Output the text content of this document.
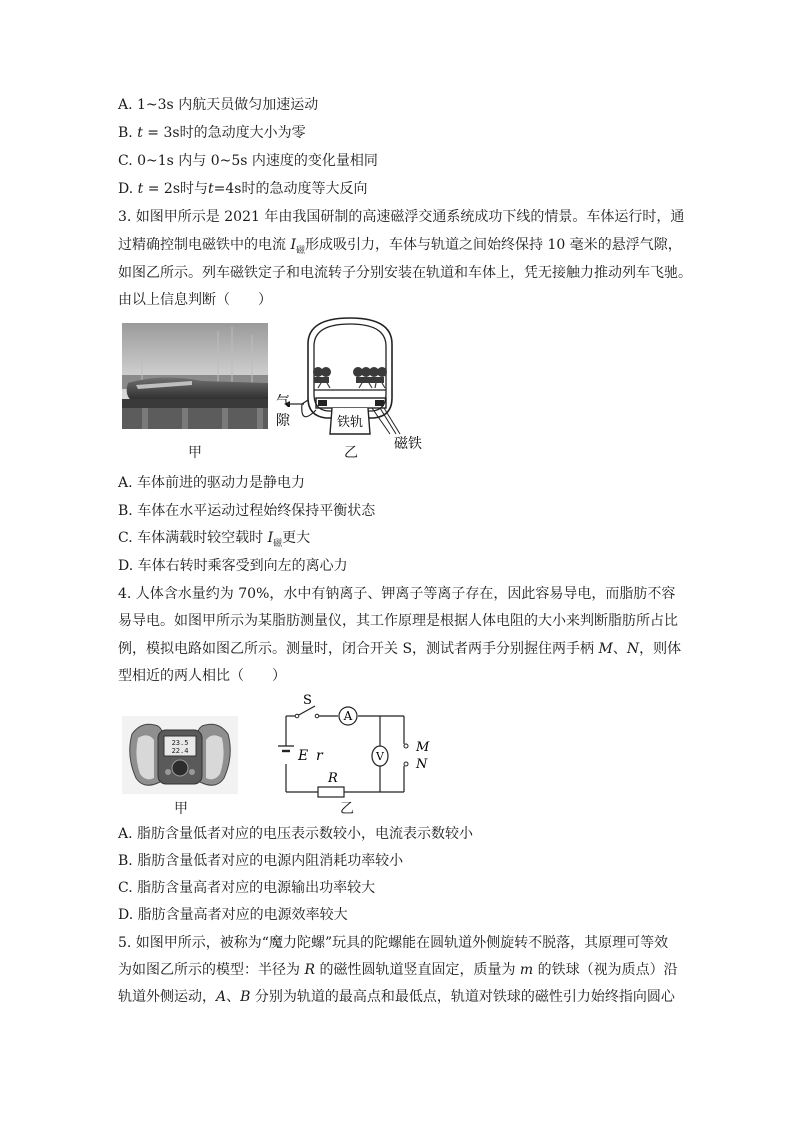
A. 1~3s 内航天员做匀加速运动
B. t = 3s时的急动度大小为零
C. 0~1s 内与 0~5s 内速度的变化量相同
D. t = 2s时与t=4s时的急动度等大反向
3. 如图甲所示是 2021 年由我国研制的高速磁浮交通系统成功下线的情景。车体运行时，通
过精确控制电磁铁中的电流 $I_磁$形成吸引力，车体与轨道之间始终保持 10 毫米的悬浮气隙，
如图乙所示。列车磁铁定子和电流转子分别安装在轨道和车体上，凭无接触力推动列车飞驰。
由以上信息判断（　　）
甲
铁轨
气
隙
磁铁
乙
A. 车体前进的驱动力是静电力
B. 车体在水平运动过程始终保持平衡状态
C. 车体满载时较空载时 $I_磁$更大
D. 车体右转时乘客受到向左的离心力
4. 人体含水量约为 70%，水中有钠离子、钾离子等离子存在，因此容易导电，而脂肪不容
易导电。如图甲所示为某脂肪测量仪，其工作原理是根据人体电阻的大小来判断脂肪所占比
例，模拟电路如图乙所示。测量时，闭合开关 S，测试者两手分别握住两手柄 M、N，则体
型相近的两人相比（　　）
23.5
22.4
甲
S
A
V
M
N
E r
R
乙
A. 脂肪含量低者对应的电压表示数较小，电流表示数较小
B. 脂肪含量低者对应的电源内阻消耗功率较小
C. 脂肪含量高者对应的电源输出功率较大
D. 脂肪含量高者对应的电源效率较大
5. 如图甲所示，被称为“魔力陀螺”玩具的陀螺能在圆轨道外侧旋转不脱落，其原理可等效
为如图乙所示的模型：半径为 R 的磁性圆轨道竖直固定，质量为 m 的铁球（视为质点）沿
轨道外侧运动，A、B 分别为轨道的最高点和最低点，轨道对铁球的磁性引力始终指向圆心
